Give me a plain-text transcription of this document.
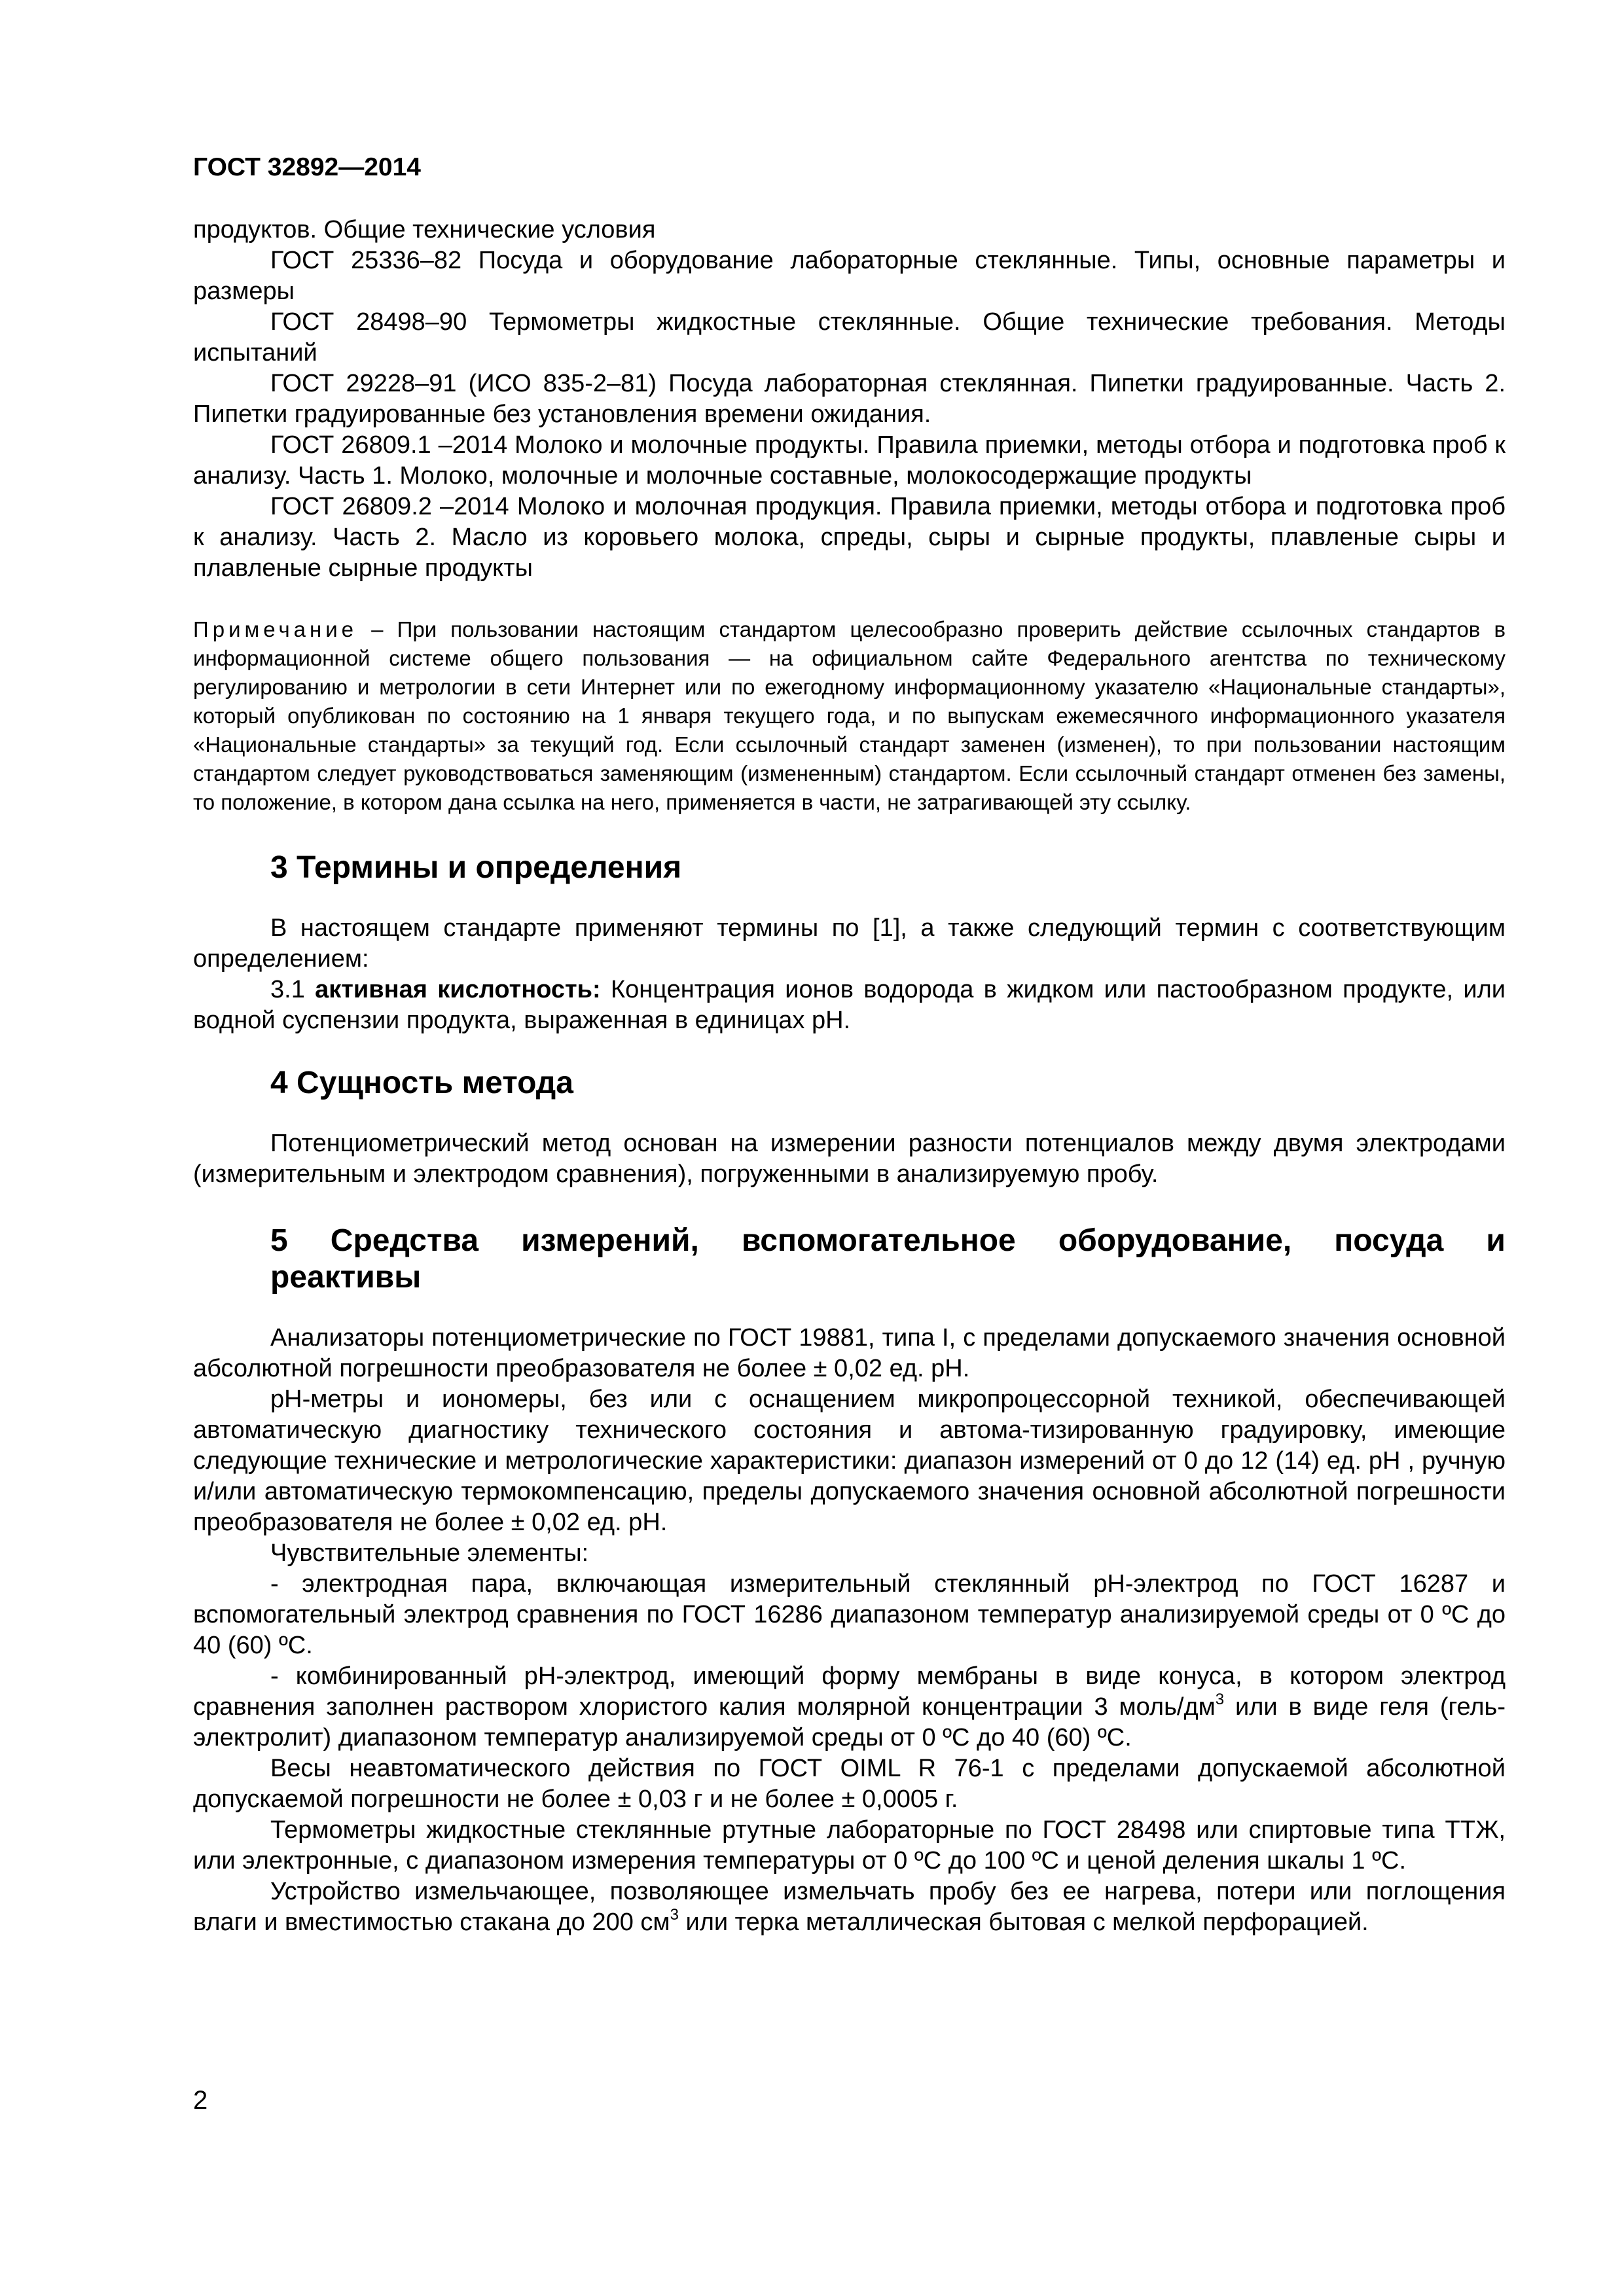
ГОСТ 32892—2014

продуктов. Общие технические условия

ГОСТ 25336–82 Посуда и оборудование лабораторные стеклянные. Типы, основные параметры и размеры

ГОСТ 28498–90 Термометры жидкостные стеклянные. Общие технические требования. Методы испытаний

ГОСТ 29228–91 (ИСО 835-2–81) Посуда лабораторная стеклянная. Пипетки градуированные. Часть 2. Пипетки градуированные без установления времени ожидания.

ГОСТ 26809.1 –2014 Молоко и молочные продукты. Правила приемки, методы отбора и подготовка проб к анализу. Часть 1. Молоко, молочные и молочные составные, молокосодержащие продукты

ГОСТ 26809.2 –2014 Молоко и молочная продукция. Правила приемки, методы отбора и подготовка проб к анализу. Часть 2. Масло из коровьего молока, спреды, сыры и сырные продукты, плавленые сыры и плавленые сырные продукты

Примечание – При пользовании настоящим стандартом целесообразно проверить действие ссылочных стандартов в информационной системе общего пользования — на официальном сайте Федерального агентства по техническому регулированию и метрологии в сети Интернет или по ежегодному информационному указателю «Национальные стандарты», который опубликован по состоянию на 1 января текущего года, и по выпускам ежемесячного информационного указателя «Национальные стандарты» за текущий год. Если ссылочный стандарт заменен (изменен), то при пользовании настоящим стандартом следует руководствоваться заменяющим (измененным) стандартом. Если ссылочный стандарт отменен без замены, то положение, в котором дана ссылка на него, применяется в части, не затрагивающей эту ссылку.

3 Термины и определения

В настоящем стандарте применяют термины по [1], а также следующий термин с соответствующим определением:

3.1 активная кислотность: Концентрация ионов водорода в жидком или пастообразном продукте, или водной суспензии продукта, выраженная в единицах pH.

4 Сущность метода

Потенциометрический метод основан на измерении разности потенциалов между двумя электродами (измерительным и электродом сравнения), погруженными в анализируемую пробу.

5 Средства измерений, вспомогательное оборудование, посуда и
реактивы

Анализаторы потенциометрические по ГОСТ 19881, типа I, с пределами допускаемого значения основной абсолютной погрешности преобразователя не более ± 0,02 ед. pH.

pH-метры и иономеры, без или с оснащением микропроцессорной техникой, обеспечивающей автоматическую диагностику технического состояния и автома-тизированную градуировку, имеющие следующие технические и метрологические характеристики: диапазон измерений от 0 до 12 (14) ед. pH , ручную и/или автоматическую термокомпенсацию, пределы допускаемого значения основной абсолютной погрешности преобразователя не более ± 0,02 ед. pH.

Чувствительные элементы:

- электродная пара, включающая измерительный стеклянный pH-электрод по ГОСТ 16287 и вспомогательный электрод сравнения по ГОСТ 16286 диапазоном температур анализируемой среды от 0 ºС до 40 (60) ºС.

- комбинированный pH-электрод, имеющий форму мембраны в виде конуса, в котором электрод сравнения заполнен раствором хлористого калия молярной концентрации 3 моль/$дм^3$ или в виде геля (гель-электролит) диапазоном температур анализируемой среды от 0 ºС до 40 (60) ºС.

Весы неавтоматического действия по ГОСТ OIML R 76-1 с пределами допускаемой абсолютной допускаемой погрешности не более ± 0,03 г и не более ± 0,0005 г.

Термометры жидкостные стеклянные ртутные лабораторные по ГОСТ 28498 или спиртовые типа ТТЖ, или электронные, с диапазоном измерения температуры от 0 ºС до 100 ºС и ценой деления шкалы 1 ºС.

Устройство измельчающее, позволяющее измельчать пробу без ее нагрева, потери или поглощения влаги и вместимостью стакана до 200 $см^3$ или терка металлическая бытовая с мелкой перфорацией.

2
